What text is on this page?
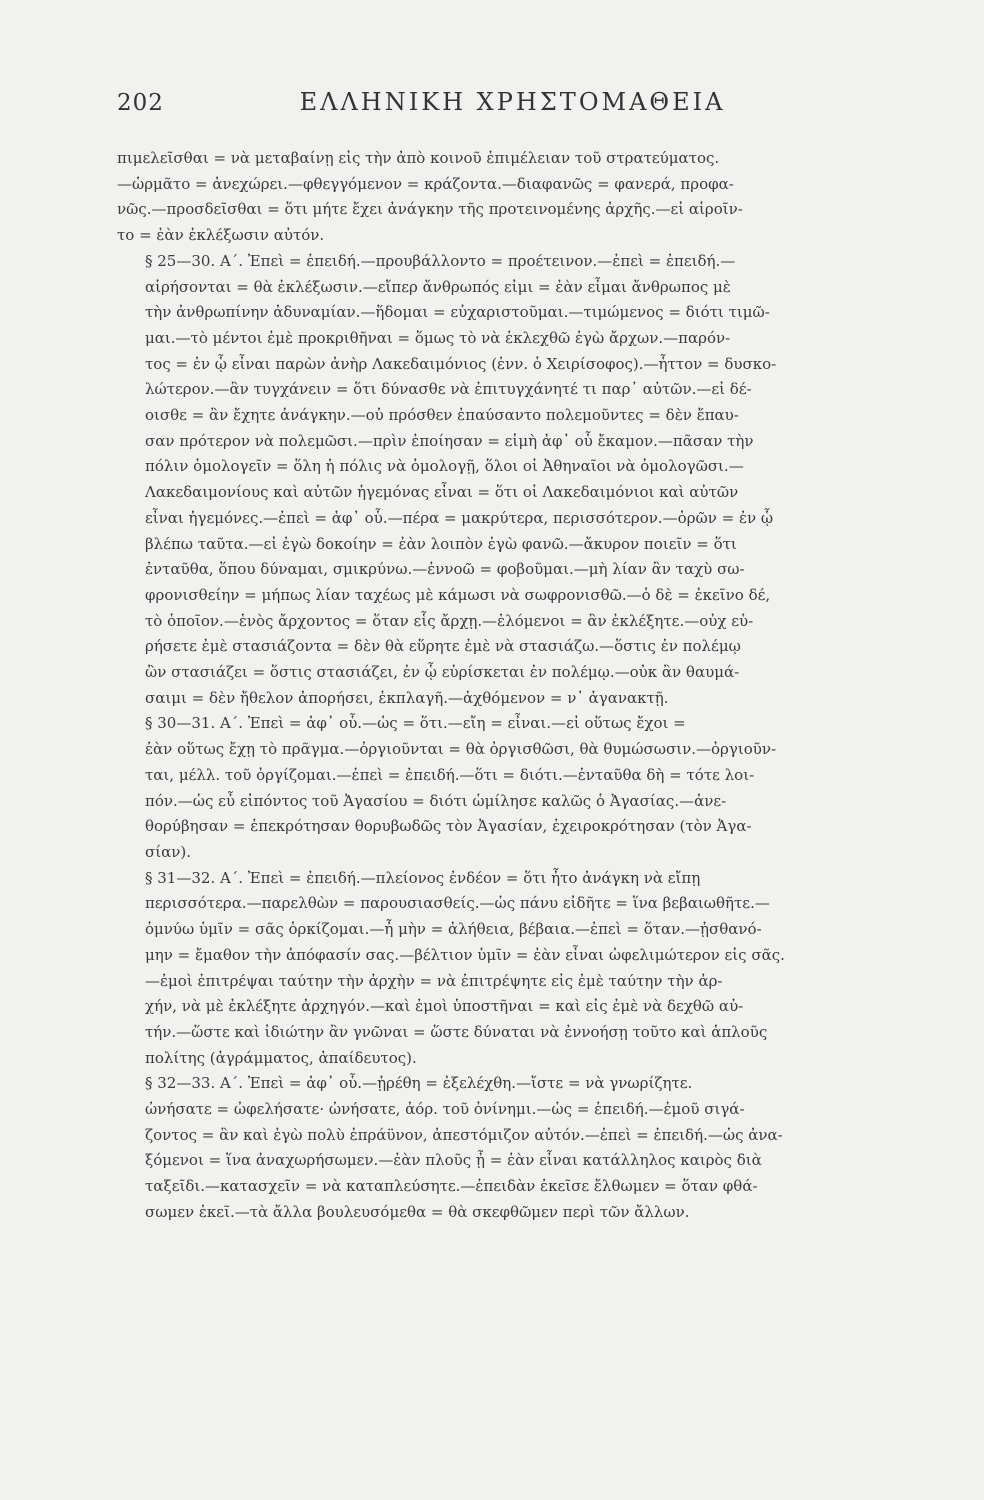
202	ΕΛΛΗΝΙΚΗ ΧΡΗΣΤΟΜΑΘΕΙΑ

πιμελεῖσθαι = νὰ μεταβαίνῃ εἰς τὴν ἀπὸ κοινοῦ ἐπιμέλειαν τοῦ στρατεύματος.
—ὡρμᾶτο = ἀνεχώρει.—φθεγγόμενον = κράζοντα.—διαφανῶς = φανερά, προφα-
νῶς.—προσδεῖσθαι = ὅτι μήτε ἔχει ἀνάγκην τῆς προτεινομένης ἀρχῆς.—εἰ αἱροῖν-
το = ἐὰν ἐκλέξωσιν αὐτόν.

§ 25—30. Α΄. Ἐπεὶ = ἐπειδή.—προυβάλλοντο = προέτεινον.—ἐπεὶ = ἐπειδή.—
αἱρήσονται = θὰ ἐκλέξωσιν.—εἴπερ ἄνθρωπός εἰμι = ἐὰν εἶμαι ἄνθρωπος μὲ
τὴν ἀνθρωπίνην ἀδυναμίαν.—ἥδομαι = εὐχαριστοῦμαι.—τιμώμενος = διότι τιμῶ-
μαι.—τὸ μέντοι ἐμὲ προκριθῆναι = ὅμως τὸ νὰ ἐκλεχθῶ ἐγὼ ἄρχων.—παρόν-
τος = ἐν ᾧ εἶναι παρὼν ἀνὴρ Λακεδαιμόνιος (ἐνν. ὁ Χειρίσοφος).—ἧττον = δυσκο-
λώτερον.—ἂν τυγχάνειν = ὅτι δύνασθε νὰ ἐπιτυγχάνητέ τι παρ᾽ αὐτῶν.—εἰ δέ-
οισθε = ἂν ἔχητε ἀνάγκην.—οὐ πρόσθεν ἐπαύσαντο πολεμοῦντες = δὲν ἔπαυ-
σαν πρότερον νὰ πολεμῶσι.—πρὶν ἐποίησαν = εἰμὴ ἀφ᾽ οὗ ἔκαμον.—πᾶσαν τὴν
πόλιν ὁμολογεῖν = ὅλη ἡ πόλις νὰ ὁμολογῇ, ὅλοι οἱ Ἀθηναῖοι νὰ ὁμολογῶσι.—
Λακεδαιμονίους καὶ αὐτῶν ἡγεμόνας εἶναι = ὅτι οἱ Λακεδαιμόνιοι καὶ αὐτῶν
εἶναι ἡγεμόνες.—ἐπεὶ = ἀφ᾽ οὗ.—πέρα = μακρύτερα, περισσότερον.—ὁρῶν = ἐν ᾧ
βλέπω ταῦτα.—εἰ ἐγὼ δοκοίην = ἐὰν λοιπὸν ἐγὼ φανῶ.—ἄκυρον ποιεῖν = ὅτι
ἐνταῦθα, ὅπου δύναμαι, σμικρύνω.—ἐννοῶ = φοβοῦμαι.—μὴ λίαν ἂν ταχὺ σω-
φρονισθείην = μήπως λίαν ταχέως μὲ κάμωσι νὰ σωφρονισθῶ.—ὁ δὲ = ἐκεῖνο δέ,
τὸ ὁποῖον.—ἑνὸς ἄρχοντος = ὅταν εἷς ἄρχῃ.—ἑλόμενοι = ἂν ἐκλέξητε.—οὐχ εὑ-
ρήσετε ἐμὲ στασιάζοντα = δὲν θὰ εὕρητε ἐμὲ νὰ στασιάζω.—ὅστις ἐν πολέμῳ
ὢν στασιάζει = ὅστις στασιάζει, ἐν ᾧ εὑρίσκεται ἐν πολέμῳ.—οὐκ ἂν θαυμά-
σαιμι = δὲν ἤθελον ἀπορήσει, ἐκπλαγῆ.—ἀχθόμενον = ν᾽ ἀγανακτῇ.

§ 30—31. Α΄. Ἐπεὶ = ἀφ᾽ οὗ.—ὡς = ὅτι.—εἴη = εἶναι.—εἰ οὕτως ἔχοι =
ἐὰν οὕτως ἔχῃ τὸ πρᾶγμα.—ὀργιοῦνται = θὰ ὀργισθῶσι, θὰ θυμώσωσιν.—ὀργιοῦν-
ται, μέλλ. τοῦ ὀργίζομαι.—ἐπεὶ = ἐπειδή.—ὅτι = διότι.—ἐνταῦθα δὴ = τότε λοι-
πόν.—ὡς εὖ εἰπόντος τοῦ Ἀγασίου = διότι ὡμίλησε καλῶς ὁ Ἀγασίας.—ἀνε-
θορύβησαν = ἐπεκρότησαν θορυβωδῶς τὸν Ἀγασίαν, ἐχειροκρότησαν (τὸν Ἀγα-
σίαν).

§ 31—32. Α΄. Ἐπεὶ = ἐπειδή.—πλείονος ἐνδέον = ὅτι ἦτο ἀνάγκη νὰ εἴπῃ
περισσότερα.—παρελθὼν = παρουσιασθείς.—ὡς πάνυ εἰδῆτε = ἵνα βεβαιωθῆτε.—
ὀμνύω ὑμῖν = σᾶς ὁρκίζομαι.—ἦ μὴν = ἀλήθεια, βέβαια.—ἐπεὶ = ὅταν.—ᾐσθανό-
μην = ἔμαθον τὴν ἀπόφασίν σας.—βέλτιον ὑμῖν = ἐὰν εἶναι ὠφελιμώτερον εἰς σᾶς.
—ἐμοὶ ἐπιτρέψαι ταύτην τὴν ἀρχὴν = νὰ ἐπιτρέψητε εἰς ἐμὲ ταύτην τὴν ἀρ-
χήν, νὰ μὲ ἐκλέξητε ἀρχηγόν.—καὶ ἐμοὶ ὑποστῆναι = καὶ εἰς ἐμὲ νὰ δεχθῶ αὐ-
τήν.—ὥστε καὶ ἰδιώτην ἂν γνῶναι = ὥστε δύναται νὰ ἐννοήσῃ τοῦτο καὶ ἁπλοῦς
πολίτης (ἀγράμματος, ἀπαίδευτος).

§ 32—33. Α΄. Ἐπεὶ = ἀφ᾽ οὗ.—ᾑρέθη = ἐξελέχθη.—ἴστε = νὰ γνωρίζητε.
ὠνήσατε = ὠφελήσατε· ὠνήσατε, ἀόρ. τοῦ ὀνίνημι.—ὡς = ἐπειδή.—ἐμοῦ σιγά-
ζοντος = ἂν καὶ ἐγὼ πολὺ ἐπράϋνον, ἀπεστόμιζον αὐτόν.—ἐπεὶ = ἐπειδή.—ὡς ἀνα-
ξόμενοι = ἵνα ἀναχωρήσωμεν.—ἐὰν πλοῦς ᾖ = ἐὰν εἶναι κατάλληλος καιρὸς διὰ
ταξεῖδι.—κατασχεῖν = νὰ καταπλεύσητε.—ἐπειδὰν ἐκεῖσε ἔλθωμεν = ὅταν φθά-
σωμεν ἐκεῖ.—τὰ ἄλλα βουλευσόμεθα = θὰ σκεφθῶμεν περὶ τῶν ἄλλων.
